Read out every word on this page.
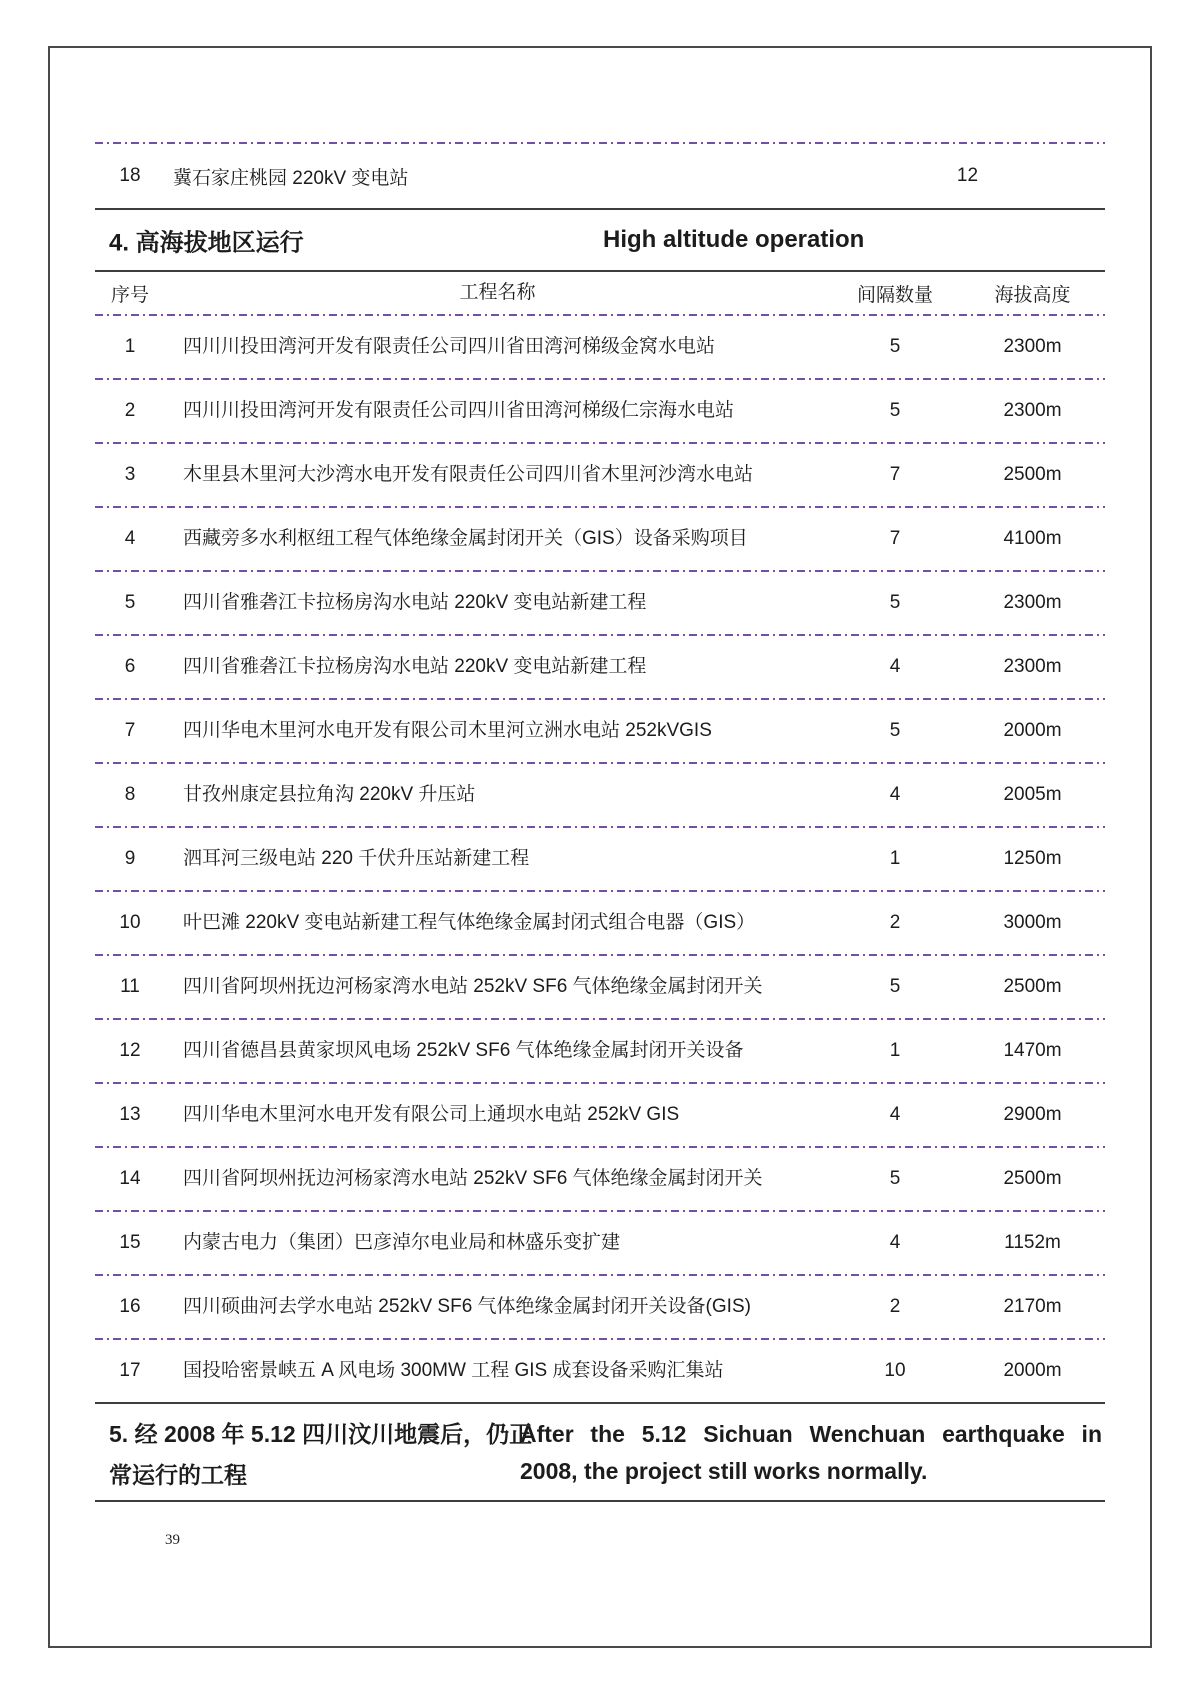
18	冀石家庄桃园 220kV 变电站	12
4. 高海拔地区运行	High altitude operation
序号	工程名称	间隔数量	海拔高度
1	四川川投田湾河开发有限责任公司四川省田湾河梯级金窝水电站	5	2300m
2	四川川投田湾河开发有限责任公司四川省田湾河梯级仁宗海水电站	5	2300m
3	木里县木里河大沙湾水电开发有限责任公司四川省木里河沙湾水电站	7	2500m
4	西藏旁多水利枢纽工程气体绝缘金属封闭开关（GIS）设备采购项目	7	4100m
5	四川省雅砻江卡拉杨房沟水电站 220kV 变电站新建工程	5	2300m
6	四川省雅砻江卡拉杨房沟水电站 220kV 变电站新建工程	4	2300m
7	四川华电木里河水电开发有限公司木里河立洲水电站 252kVGIS	5	2000m
8	甘孜州康定县拉角沟 220kV 升压站	4	2005m
9	泗耳河三级电站 220 千伏升压站新建工程	1	1250m
10	叶巴滩 220kV 变电站新建工程气体绝缘金属封闭式组合电器（GIS）	2	3000m
11	四川省阿坝州抚边河杨家湾水电站 252kV SF6 气体绝缘金属封闭开关	5	2500m
12	四川省德昌县黄家坝风电场 252kV SF6 气体绝缘金属封闭开关设备	1	1470m
13	四川华电木里河水电开发有限公司上通坝水电站 252kV GIS	4	2900m
14	四川省阿坝州抚边河杨家湾水电站 252kV SF6 气体绝缘金属封闭开关	5	2500m
15	内蒙古电力（集团）巴彦淖尔电业局和林盛乐变扩建	4	1152m
16	四川硕曲河去学水电站 252kV SF6 气体绝缘金属封闭开关设备(GIS)	2	2170m
17	国投哈密景峡五 A 风电场 300MW 工程 GIS 成套设备采购汇集站	10	2000m
5. 经 2008 年 5.12 四川汶川地震后，仍正常运行的工程
After the 5.12 Sichuan Wenchuan earthquake in 2008, the project still works normally.
39
